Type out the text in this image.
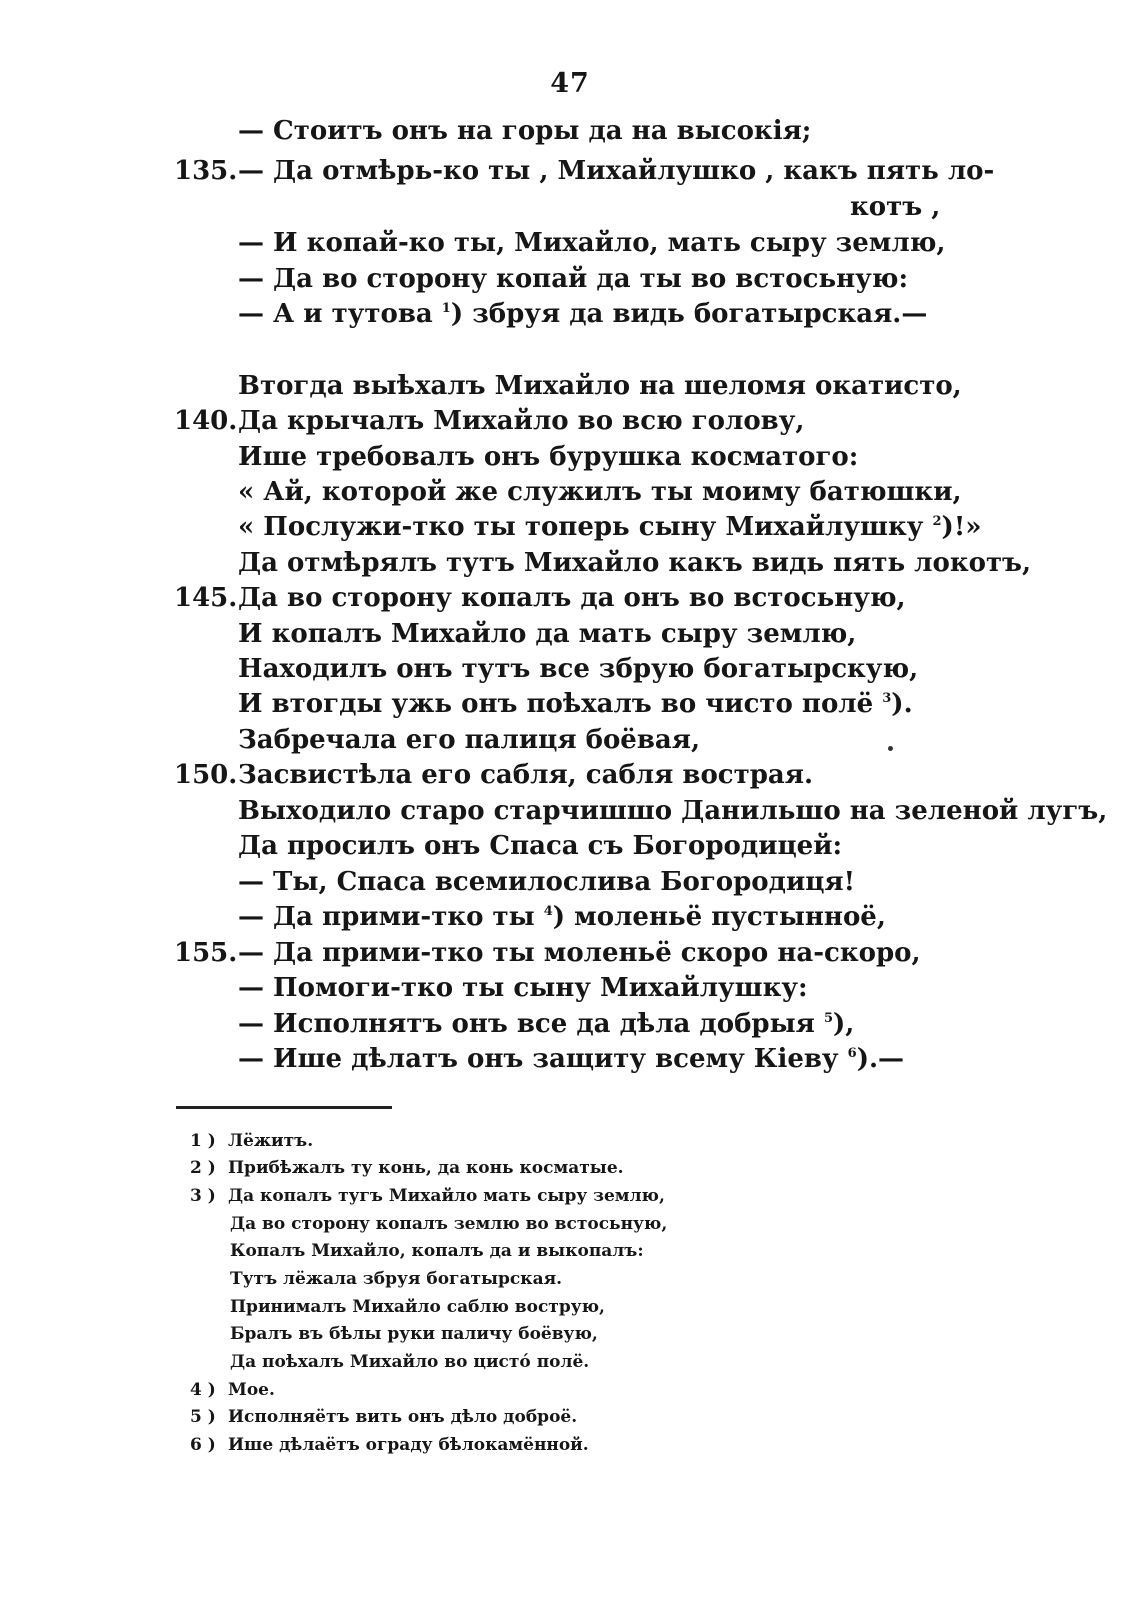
47
— Стоитъ онъ на горы да на высокiя;
135. — Да отмѣрь-ко ты , Михайлушко , какъ пять ло-
— И копай-ко ты, Михайло, мать сыру землю,
— Да во сторону копай да ты во встосьную:
— А и тутова $^1$) збруя да видь богатырская.—
Втогда выѣхалъ Михайло на шеломя окатисто,
140. Да крычалъ Михайло во всю голову,
Ише требовалъ онъ бурушка косматого:
« Ай, которой же служилъ ты моиму батюшки,
« Послужи-тко ты топерь сыну Михайлушку $^2$)!»
Да отмѣрялъ тутъ Михайло какъ видь пять локотъ,
145. Да во сторону копалъ да онъ во встосьную,
И копалъ Михайло да мать сыру землю,
Находилъ онъ тутъ все збрую богатырскую,
И втогды ужь онъ поѣхалъ во чисто полё $^3$).
Забречала его палиця боёвая,
150. Засвистѣла его сабля, сабля вострая.
Выходило старо старчишшо Данильшо на зеленой лугъ,
Да просилъ онъ Спаса съ Богородицей:
— Ты, Спаса всемилослива Богородиця!
— Да прими-тко ты $^4$) моленьё пустынноё,
155. — Да прими-тко ты моленьё скоро на-скоро,
— Помоги-тко ты сыну Михайлушку:
— Исполнятъ онъ все да дѣла добрыя $^5$),
— Ише дѣлатъ онъ защиту всему Кiеву $^6$).—
котъ ,
1 ) Лёжитъ.
2 ) Прибѣжалъ ту конь, да конь косматые.
3 ) Да копалъ тугъ Михайло мать сыру землю,
Да во сторону копалъ землю во встосьную,
Копалъ Михайло, копалъ да и выкопалъ:
Тутъ лёжала збруя богатырская.
Принималъ Михайло саблю вострую,
Бралъ въ бѣлы руки паличу боёвую,
Да поѣхалъ Михайло во цистó полё.
4 ) Мое.
5 ) Исполняётъ вить онъ дѣло доброё.
6 ) Ише дѣлаётъ ограду бѣлокамённой.
